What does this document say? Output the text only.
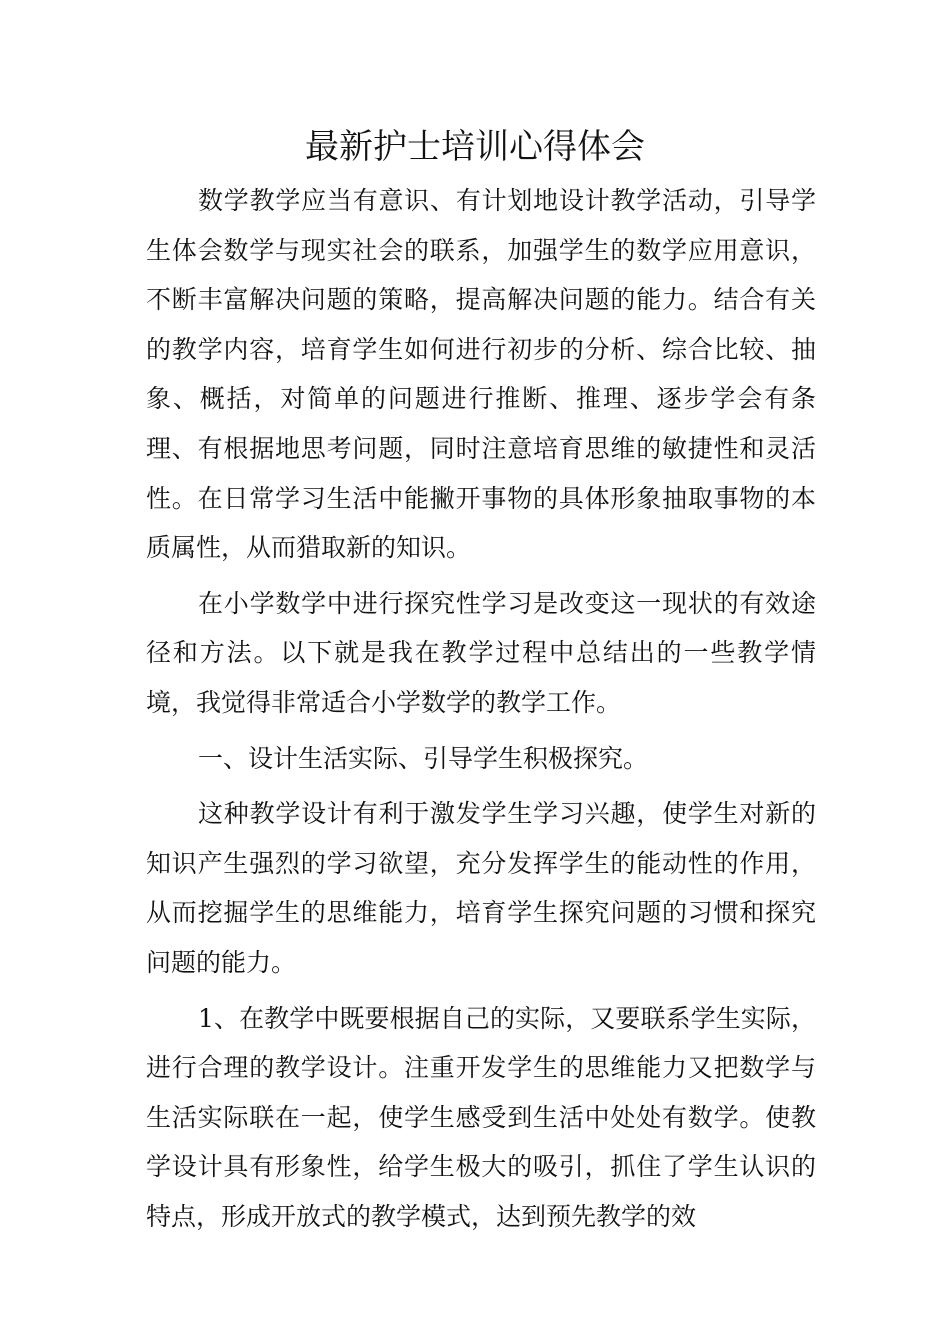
最新护士培训心得体会

数学教学应当有意识、有计划地设计教学活动，引导学生体会数学与现实社会的联系，加强学生的数学应用意识，不断丰富解决问题的策略，提高解决问题的能力。结合有关的教学内容，培育学生如何进行初步的分析、综合比较、抽象、概括，对简单的问题进行推断、推理、逐步学会有条理、有根据地思考问题，同时注意培育思维的敏捷性和灵活性。在日常学习生活中能撇开事物的具体形象抽取事物的本质属性，从而猎取新的知识。

在小学数学中进行探究性学习是改变这一现状的有效途径和方法。以下就是我在教学过程中总结出的一些教学情境，我觉得非常适合小学数学的教学工作。

一、设计生活实际、引导学生积极探究。

这种教学设计有利于激发学生学习兴趣，使学生对新的知识产生强烈的学习欲望，充分发挥学生的能动性的作用，从而挖掘学生的思维能力，培育学生探究问题的习惯和探究问题的能力。

1、在教学中既要根据自己的实际，又要联系学生实际，进行合理的教学设计。注重开发学生的思维能力又把数学与生活实际联在一起，使学生感受到生活中处处有数学。使教学设计具有形象性，给学生极大的吸引，抓住了学生认识的特点，形成开放式的教学模式，达到预先教学的效
